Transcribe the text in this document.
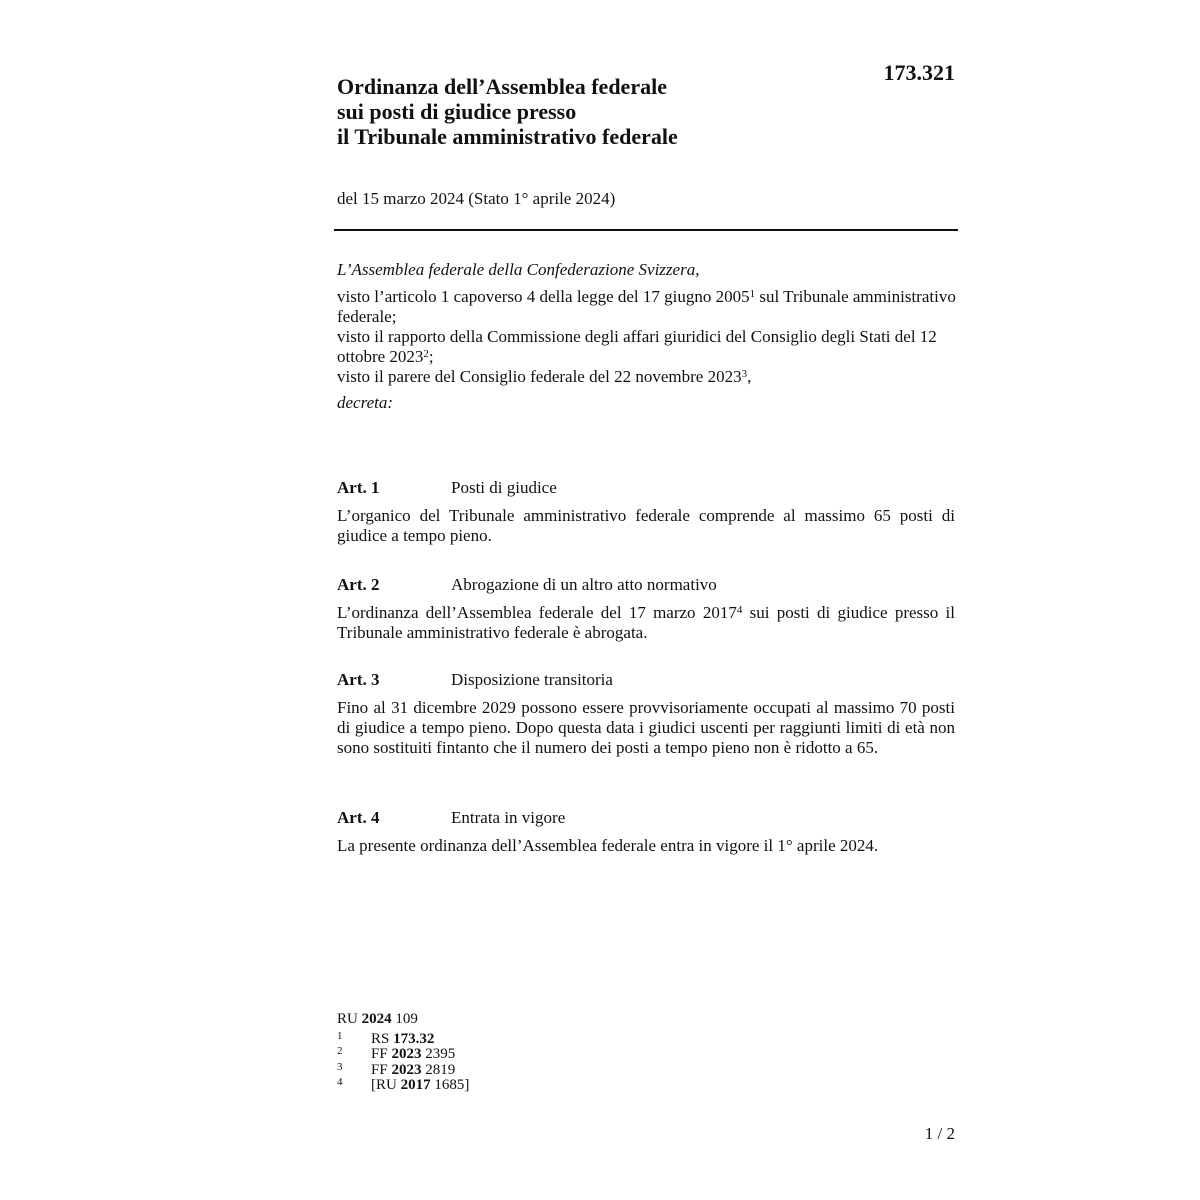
173.321
Ordinanza dell’Assemblea federale
sui posti di giudice presso
il Tribunale amministrativo federale
del 15 marzo 2024 (Stato 1° aprile 2024)
L’Assemblea federale della Confederazione Svizzera,
visto l’articolo 1 capoverso 4 della legge del 17 giugno 2005$^1$ sul Tribunale amministrativo federale;
visto il rapporto della Commissione degli affari giuridici del Consiglio degli Stati del 12 ottobre 2023$^2$;
visto il parere del Consiglio federale del 22 novembre 2023$^3$,
decreta:
Art. 1	Posti di giudice
L’organico del Tribunale amministrativo federale comprende al massimo 65 posti di giudice a tempo pieno.
Art. 2	Abrogazione di un altro atto normativo
L’ordinanza dell’Assemblea federale del 17 marzo 2017$^4$ sui posti di giudice presso il Tribunale amministrativo federale è abrogata.
Art. 3	Disposizione transitoria
Fino al 31 dicembre 2029 possono essere provvisoriamente occupati al massimo 70 posti di giudice a tempo pieno. Dopo questa data i giudici uscenti per raggiunti limiti di età non sono sostituiti fintanto che il numero dei posti a tempo pieno non è ridotto a 65.
Art. 4	Entrata in vigore
La presente ordinanza dell’Assemblea federale entra in vigore il 1° aprile 2024.
RU 2024 109
1	RS 173.32
2	FF 2023 2395
3	FF 2023 2819
4	[RU 2017 1685]
1 / 2
